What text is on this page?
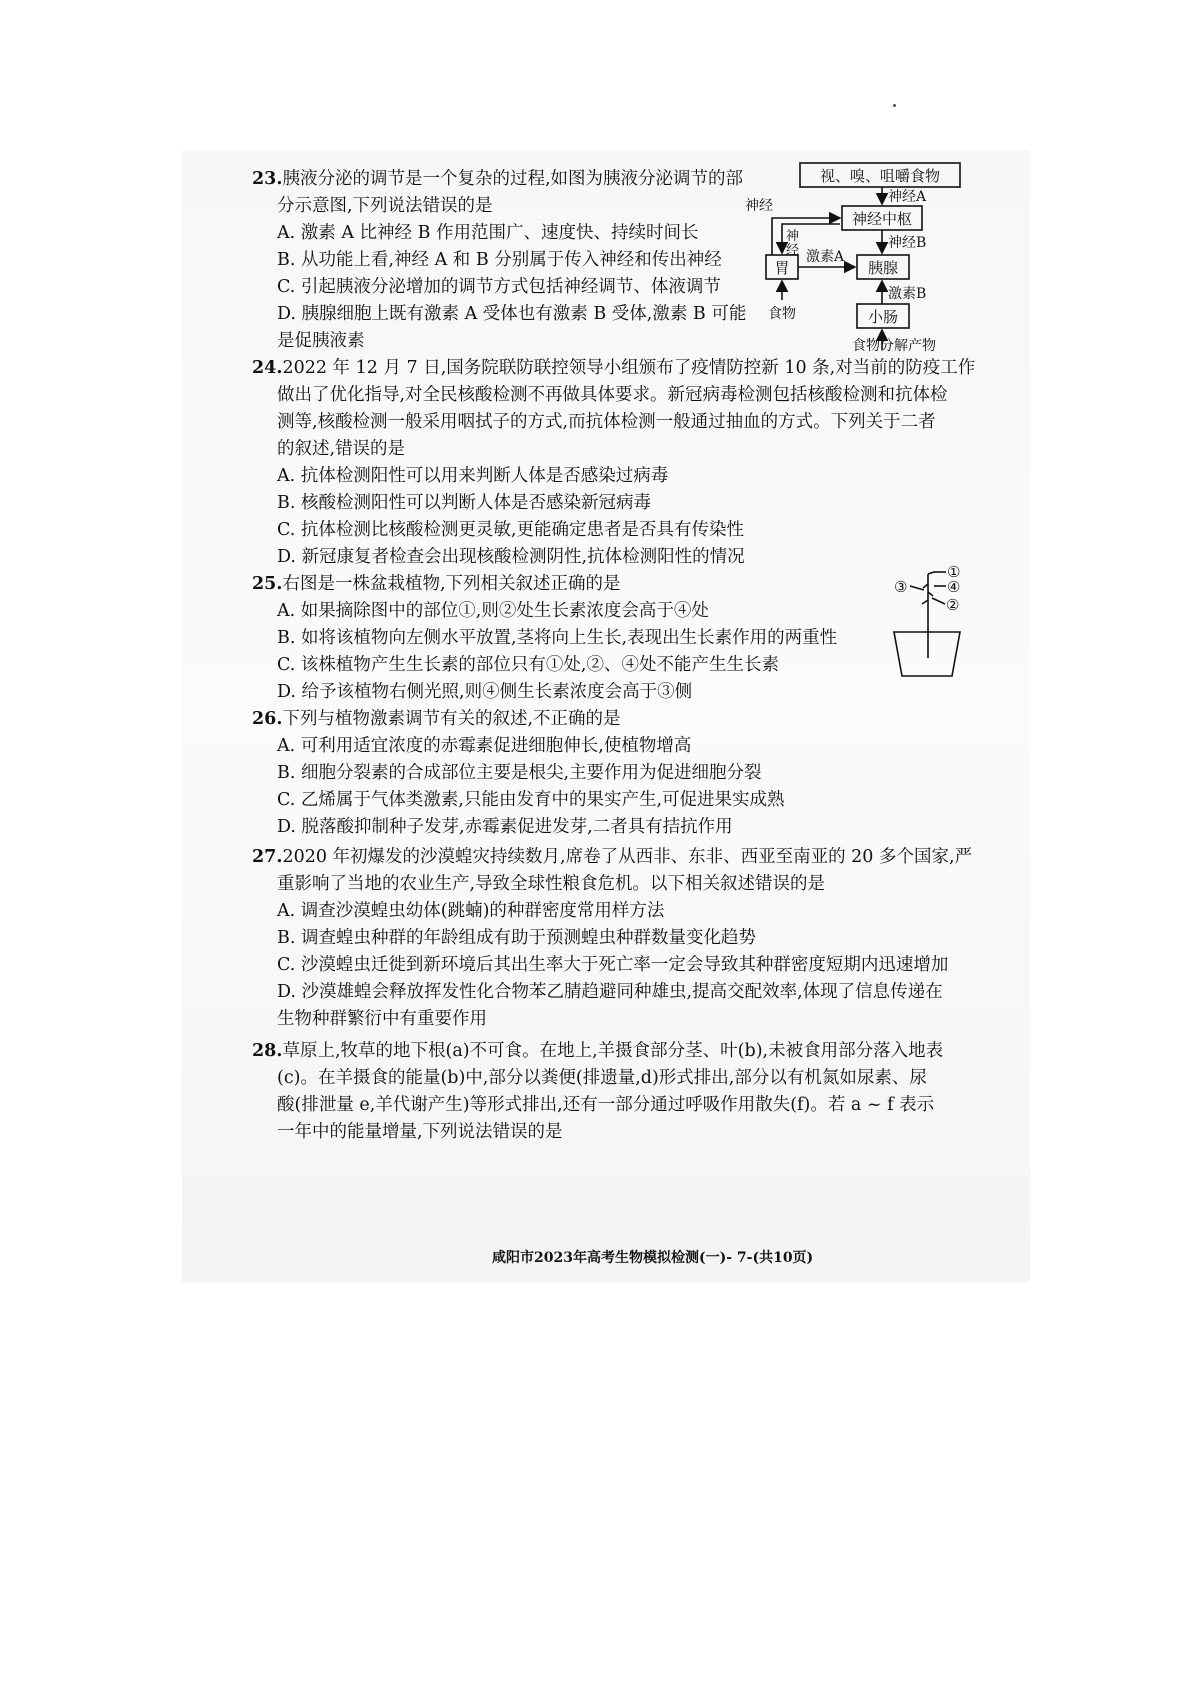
23.胰液分泌的调节是一个复杂的过程,如图为胰液分泌调节的部
分示意图,下列说法错误的是
A. 激素 A 比神经 B 作用范围广、速度快、持续时间长
B. 从功能上看,神经 A 和 B 分别属于传入神经和传出神经
C. 引起胰液分泌增加的调节方式包括神经调节、体液调节
D. 胰腺细胞上既有激素 A 受体也有激素 B 受体,激素 B 可能
是促胰液素
视、嗅、咀嚼食物
神经中枢
胃	胰腺
小肠
神经A
神经B
神经
神
经 激素A
激素B
食物
食物分解产物
24.2022 年 12 月 7 日,国务院联防联控领导小组颁布了疫情防控新 10 条,对当前的防疫工作
做出了优化指导,对全民核酸检测不再做具体要求。新冠病毒检测包括核酸检测和抗体检
测等,核酸检测一般采用咽拭子的方式,而抗体检测一般通过抽血的方式。下列关于二者
的叙述,错误的是
A. 抗体检测阳性可以用来判断人体是否感染过病毒
B. 核酸检测阳性可以判断人体是否感染新冠病毒
C. 抗体检测比核酸检测更灵敏,更能确定患者是否具有传染性
D. 新冠康复者检查会出现核酸检测阴性,抗体检测阳性的情况
25.右图是一株盆栽植物,下列相关叙述正确的是
A. 如果摘除图中的部位①,则②处生长素浓度会高于④处
B. 如将该植物向左侧水平放置,茎将向上生长,表现出生长素作用的两重性
C. 该株植物产生生长素的部位只有①处,②、④处不能产生生长素
D. 给予该植物右侧光照,则④侧生长素浓度会高于③侧
①
④
②
③
26.下列与植物激素调节有关的叙述,不正确的是
A. 可利用适宜浓度的赤霉素促进细胞伸长,使植物增高
B. 细胞分裂素的合成部位主要是根尖,主要作用为促进细胞分裂
C. 乙烯属于气体类激素,只能由发育中的果实产生,可促进果实成熟
D. 脱落酸抑制种子发芽,赤霉素促进发芽,二者具有拮抗作用
27.2020 年初爆发的沙漠蝗灾持续数月,席卷了从西非、东非、西亚至南亚的 20 多个国家,严
重影响了当地的农业生产,导致全球性粮食危机。以下相关叙述错误的是
A. 调查沙漠蝗虫幼体(跳蝻)的种群密度常用样方法
B. 调查蝗虫种群的年龄组成有助于预测蝗虫种群数量变化趋势
C. 沙漠蝗虫迁徙到新环境后其出生率大于死亡率一定会导致其种群密度短期内迅速增加
D. 沙漠雄蝗会释放挥发性化合物苯乙腈趋避同种雄虫,提高交配效率,体现了信息传递在
生物种群繁衍中有重要作用
28.草原上,牧草的地下根(a)不可食。在地上,羊摄食部分茎、叶(b),未被食用部分落入地表
(c)。在羊摄食的能量(b)中,部分以粪便(排遗量,d)形式排出,部分以有机氮如尿素、尿
酸(排泄量 e,羊代谢产生)等形式排出,还有一部分通过呼吸作用散失(f)。若 a ~ f 表示
一年中的能量增量,下列说法错误的是
咸阳市2023年高考生物模拟检测(一)- 7-(共10页)
